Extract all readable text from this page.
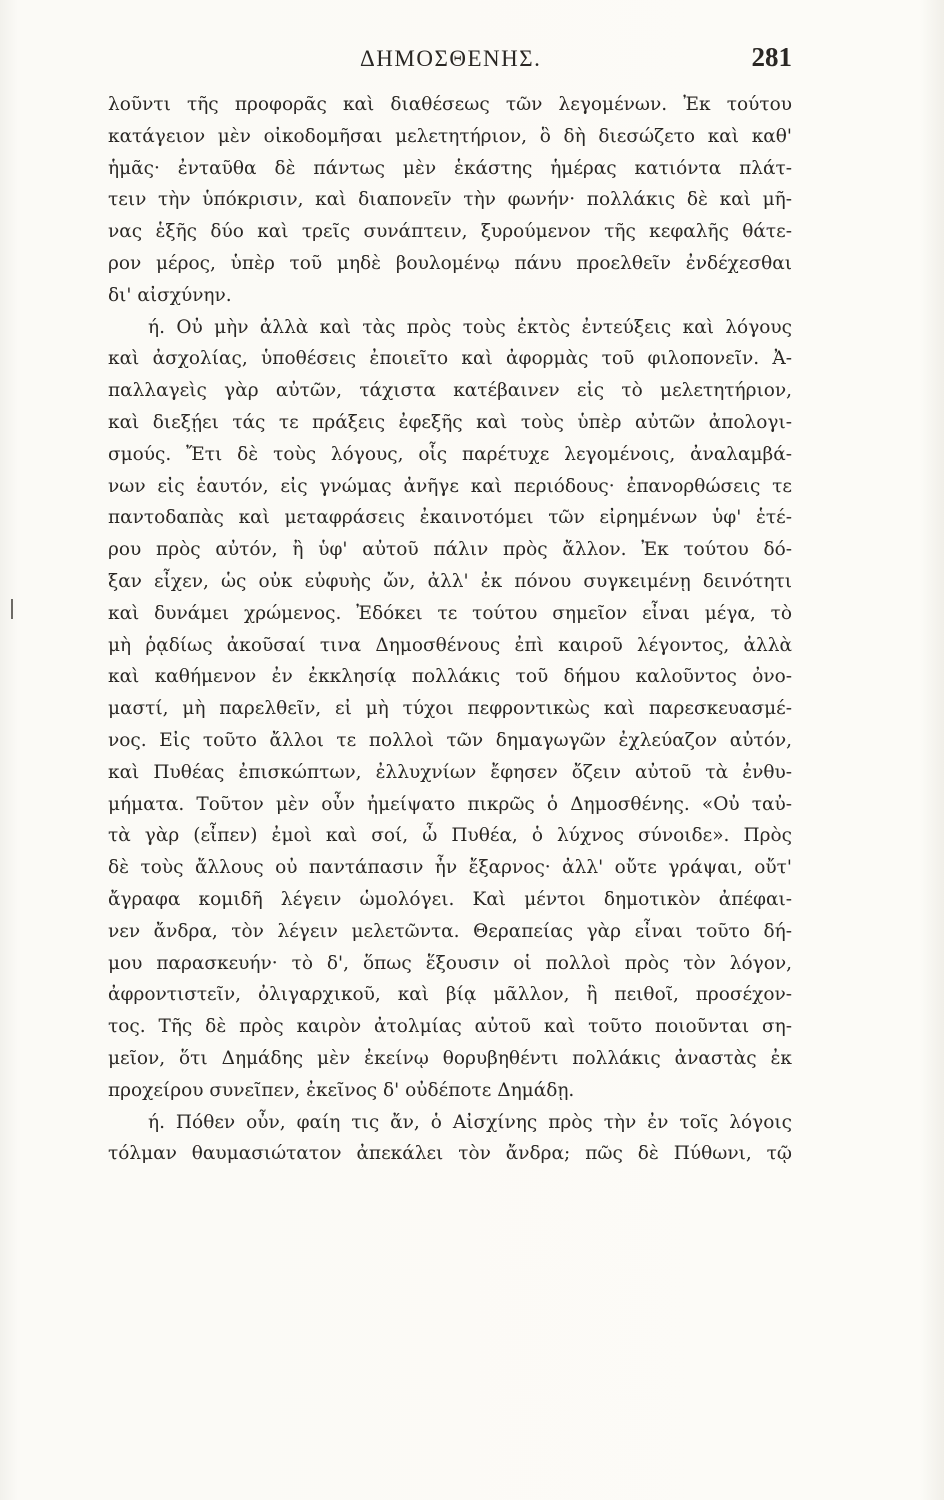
ΔΗΜΟΣΘΕΝΗΣ.	281
λοῦντι τῆς προφορᾶς καὶ διαθέσεως τῶν λεγομένων. Ἐκ τούτου
κατάγειον μὲν οἰκοδομῆσαι μελετητήριον, ὃ δὴ διεσώζετο καὶ καθ'
ἡμᾶς· ἐνταῦθα δὲ πάντως μὲν ἑκάστης ἡμέρας κατιόντα πλάτ-
τειν τὴν ὑπόκρισιν, καὶ διαπονεῖν τὴν φωνήν· πολλάκις δὲ καὶ μῆ-
νας ἑξῆς δύο καὶ τρεῖς συνάπτειν, ξυρούμενον τῆς κεφαλῆς θάτε-
ρον μέρος, ὑπὲρ τοῦ μηδὲ βουλομένῳ πάνυ προελθεῖν ἐνδέχεσθαι
δι' αἰσχύνην.
ή. Οὐ μὴν ἀλλὰ καὶ τὰς πρὸς τοὺς ἐκτὸς ἐντεύξεις καὶ λόγους
καὶ ἀσχολίας, ὑποθέσεις ἐποιεῖτο καὶ ἀφορμὰς τοῦ φιλοπονεῖν. Ἀ-
παλλαγεὶς γὰρ αὐτῶν, τάχιστα κατέβαινεν εἰς τὸ μελετητήριον,
καὶ διεξῄει τάς τε πράξεις ἐφεξῆς καὶ τοὺς ὑπὲρ αὐτῶν ἀπολογι-
σμούς. Ἔτι δὲ τοὺς λόγους, οἷς παρέτυχε λεγομένοις, ἀναλαμβά-
νων εἰς ἑαυτόν, εἰς γνώμας ἀνῆγε καὶ περιόδους· ἐπανορθώσεις τε
παντοδαπὰς καὶ μεταφράσεις ἐκαινοτόμει τῶν εἰρημένων ὑφ' ἑτέ-
ρου πρὸς αὐτόν, ἢ ὑφ' αὐτοῦ πάλιν πρὸς ἄλλον. Ἐκ τούτου δό-
ξαν εἶχεν, ὡς οὐκ εὐφυὴς ὤν, ἀλλ' ἐκ πόνου συγκειμένῃ δεινότητι
καὶ δυνάμει χρώμενος. Ἐδόκει τε τούτου σημεῖον εἶναι μέγα, τὸ
μὴ ῥᾳδίως ἀκοῦσαί τινα Δημοσθένους ἐπὶ καιροῦ λέγοντος, ἀλλὰ
καὶ καθήμενον ἐν ἐκκλησίᾳ πολλάκις τοῦ δήμου καλοῦντος ὀνο-
μαστί, μὴ παρελθεῖν, εἰ μὴ τύχοι πεφροντικὼς καὶ παρεσκευασμέ-
νος. Εἰς τοῦτο ἄλλοι τε πολλοὶ τῶν δημαγωγῶν ἐχλεύαζον αὐτόν,
καὶ Πυθέας ἐπισκώπτων, ἐλλυχνίων ἔφησεν ὄζειν αὐτοῦ τὰ ἐνθυ-
μήματα. Τοῦτον μὲν οὖν ἠμείψατο πικρῶς ὁ Δημοσθένης. «Οὐ ταὐ-
τὰ γὰρ (εἶπεν) ἐμοὶ καὶ σοί, ὦ Πυθέα, ὁ λύχνος σύνοιδε». Πρὸς
δὲ τοὺς ἄλλους οὐ παντάπασιν ἦν ἔξαρνος· ἀλλ' οὔτε γράψαι, οὔτ'
ἄγραφα κομιδῆ λέγειν ὡμολόγει. Καὶ μέντοι δημοτικὸν ἀπέφαι-
νεν ἄνδρα, τὸν λέγειν μελετῶντα. Θεραπείας γὰρ εἶναι τοῦτο δή-
μου παρασκευήν· τὸ δ', ὅπως ἕξουσιν οἱ πολλοὶ πρὸς τὸν λόγον,
ἀφροντιστεῖν, ὀλιγαρχικοῦ, καὶ βίᾳ μᾶλλον, ἢ πειθοῖ, προσέχον-
τος. Τῆς δὲ πρὸς καιρὸν ἀτολμίας αὐτοῦ καὶ τοῦτο ποιοῦνται ση-
μεῖον, ὅτι Δημάδης μὲν ἐκείνῳ θορυβηθέντι πολλάκις ἀναστὰς ἐκ
προχείρου συνεῖπεν, ἐκεῖνος δ' οὐδέποτε Δημάδῃ.
ή. Πόθεν οὖν, φαίη τις ἄν, ὁ Αἰσχίνης πρὸς τὴν ἐν τοῖς λόγοις
τόλμαν θαυμασιώτατον ἀπεκάλει τὸν ἄνδρα; πῶς δὲ Πύθωνι, τῷ
